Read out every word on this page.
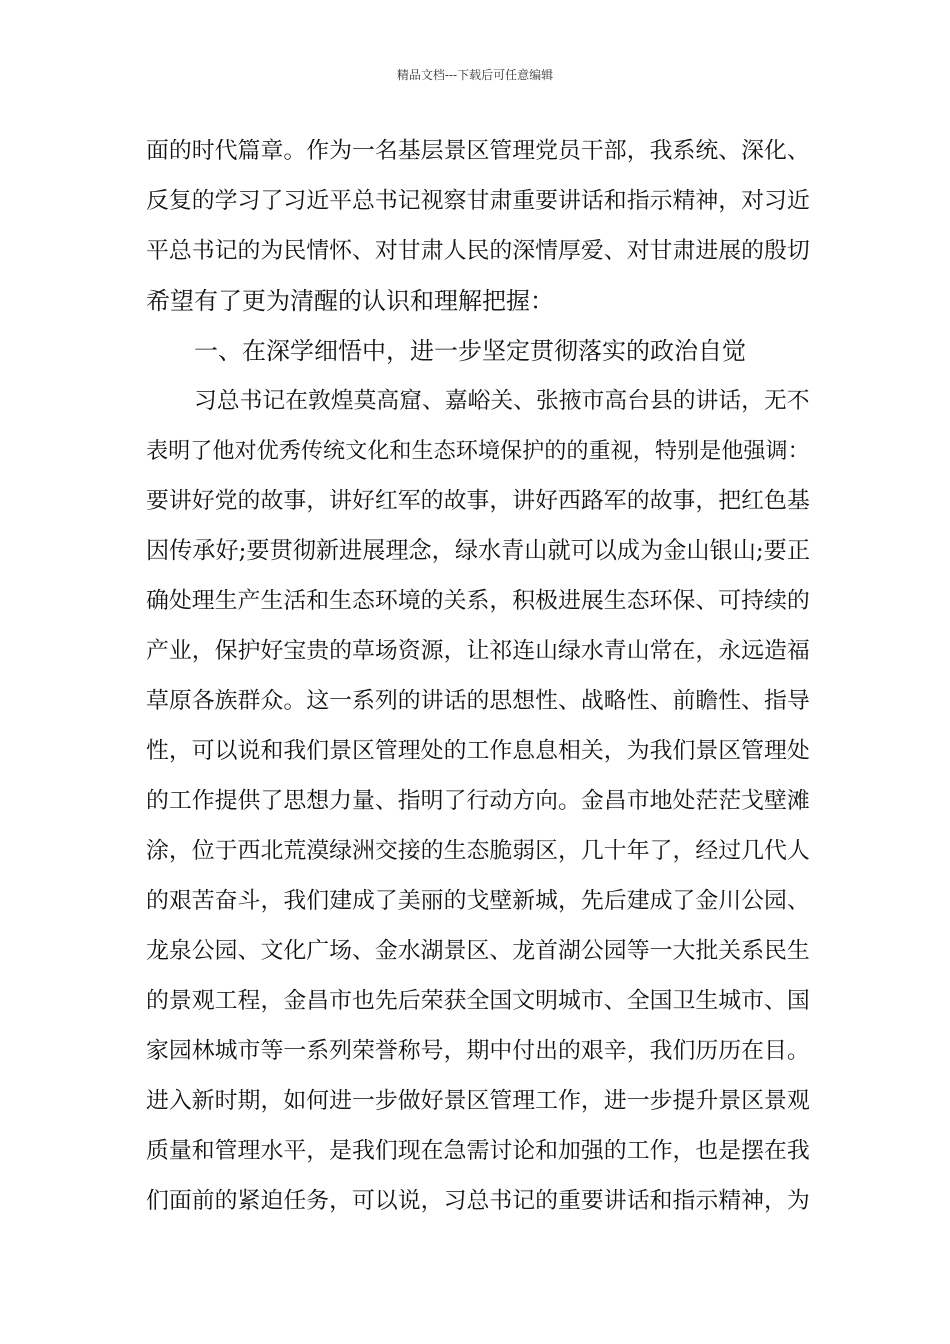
精品文档---下载后可任意编辑
面的时代篇章。作为一名基层景区管理党员干部，我系统、深化、
反复的学习了习近平总书记视察甘肃重要讲话和指示精神，对习近
平总书记的为民情怀、对甘肃人民的深情厚爱、对甘肃进展的殷切
希望有了更为清醒的认识和理解把握：
一、在深学细悟中，进一步坚定贯彻落实的政治自觉
习总书记在敦煌莫高窟、嘉峪关、张掖市高台县的讲话，无不
表明了他对优秀传统文化和生态环境保护的的重视，特别是他强调：
要讲好党的故事，讲好红军的故事，讲好西路军的故事，把红色基
因传承好;要贯彻新进展理念，绿水青山就可以成为金山银山;要正
确处理生产生活和生态环境的关系，积极进展生态环保、可持续的
产业，保护好宝贵的草场资源，让祁连山绿水青山常在，永远造福
草原各族群众。这一系列的讲话的思想性、战略性、前瞻性、指导
性，可以说和我们景区管理处的工作息息相关，为我们景区管理处
的工作提供了思想力量、指明了行动方向。金昌市地处茫茫戈壁滩
涂，位于西北荒漠绿洲交接的生态脆弱区，几十年了，经过几代人
的艰苦奋斗，我们建成了美丽的戈壁新城，先后建成了金川公园、
龙泉公园、文化广场、金水湖景区、龙首湖公园等一大批关系民生
的景观工程，金昌市也先后荣获全国文明城市、全国卫生城市、国
家园林城市等一系列荣誉称号，期中付出的艰辛，我们历历在目。
进入新时期，如何进一步做好景区管理工作，进一步提升景区景观
质量和管理水平，是我们现在急需讨论和加强的工作，也是摆在我
们面前的紧迫任务，可以说，习总书记的重要讲话和指示精神，为
